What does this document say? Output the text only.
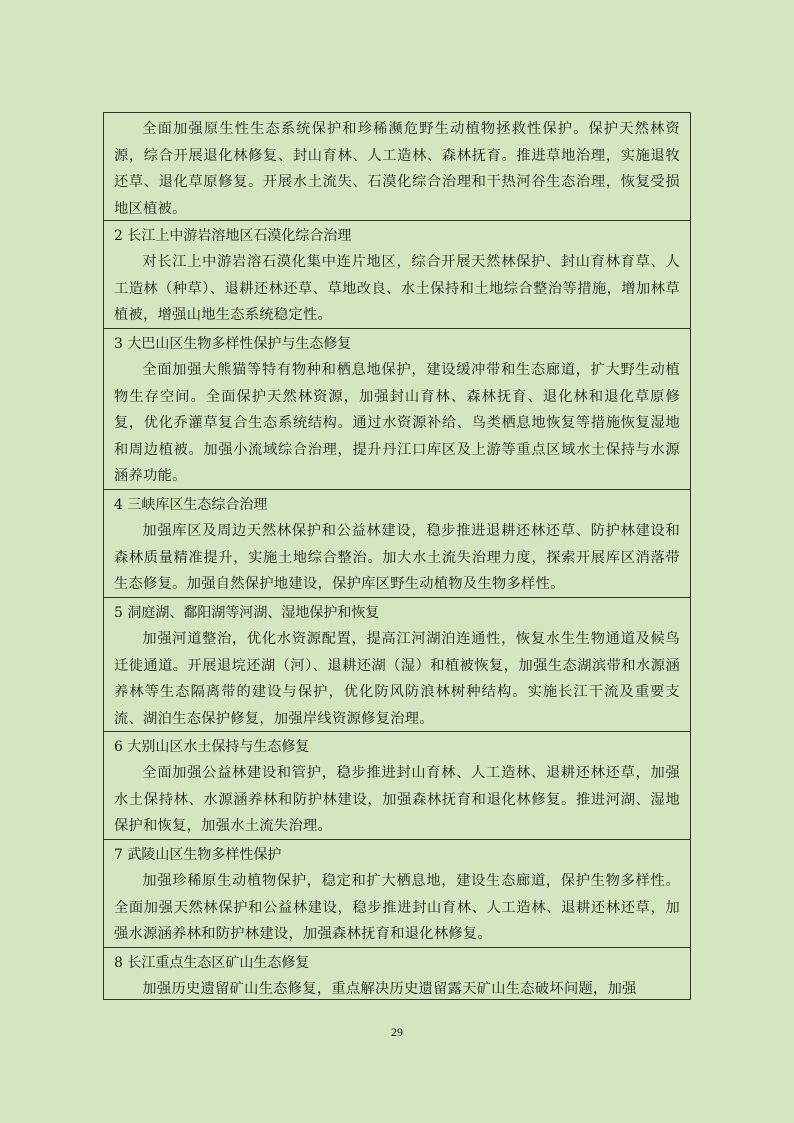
全面加强原生性生态系统保护和珍稀濒危野生动植物拯救性保护。保护天然林资源，综合开展退化林修复、封山育林、人工造林、森林抚育。推进草地治理，实施退牧还草、退化草原修复。开展水土流失、石漠化综合治理和干热河谷生态治理，恢复受损地区植被。

2 长江上中游岩溶地区石漠化综合治理

对长江上中游岩溶石漠化集中连片地区，综合开展天然林保护、封山育林育草、人工造林（种草）、退耕还林还草、草地改良、水土保持和土地综合整治等措施，增加林草植被，增强山地生态系统稳定性。

3 大巴山区生物多样性保护与生态修复

全面加强大熊猫等特有物种和栖息地保护，建设缓冲带和生态廊道，扩大野生动植物生存空间。全面保护天然林资源，加强封山育林、森林抚育、退化林和退化草原修复，优化乔灌草复合生态系统结构。通过水资源补给、鸟类栖息地恢复等措施恢复湿地和周边植被。加强小流域综合治理，提升丹江口库区及上游等重点区域水土保持与水源涵养功能。

4 三峡库区生态综合治理

加强库区及周边天然林保护和公益林建设，稳步推进退耕还林还草、防护林建设和森林质量精准提升，实施土地综合整治。加大水土流失治理力度，探索开展库区消落带生态修复。加强自然保护地建设，保护库区野生动植物及生物多样性。

5 洞庭湖、鄱阳湖等河湖、湿地保护和恢复

加强河道整治，优化水资源配置，提高江河湖泊连通性，恢复水生生物通道及候鸟迁徙通道。开展退垸还湖（河）、退耕还湖（湿）和植被恢复，加强生态湖滨带和水源涵养林等生态隔离带的建设与保护，优化防风防浪林树种结构。实施长江干流及重要支流、湖泊生态保护修复，加强岸线资源修复治理。

6 大别山区水土保持与生态修复

全面加强公益林建设和管护，稳步推进封山育林、人工造林、退耕还林还草，加强水土保持林、水源涵养林和防护林建设，加强森林抚育和退化林修复。推进河湖、湿地保护和恢复，加强水土流失治理。

7 武陵山区生物多样性保护

加强珍稀原生动植物保护，稳定和扩大栖息地，建设生态廊道，保护生物多样性。全面加强天然林保护和公益林建设，稳步推进封山育林、人工造林、退耕还林还草，加强水源涵养林和防护林建设，加强森林抚育和退化林修复。

8 长江重点生态区矿山生态修复

加强历史遗留矿山生态修复，重点解决历史遗留露天矿山生态破坏问题，加强

29
